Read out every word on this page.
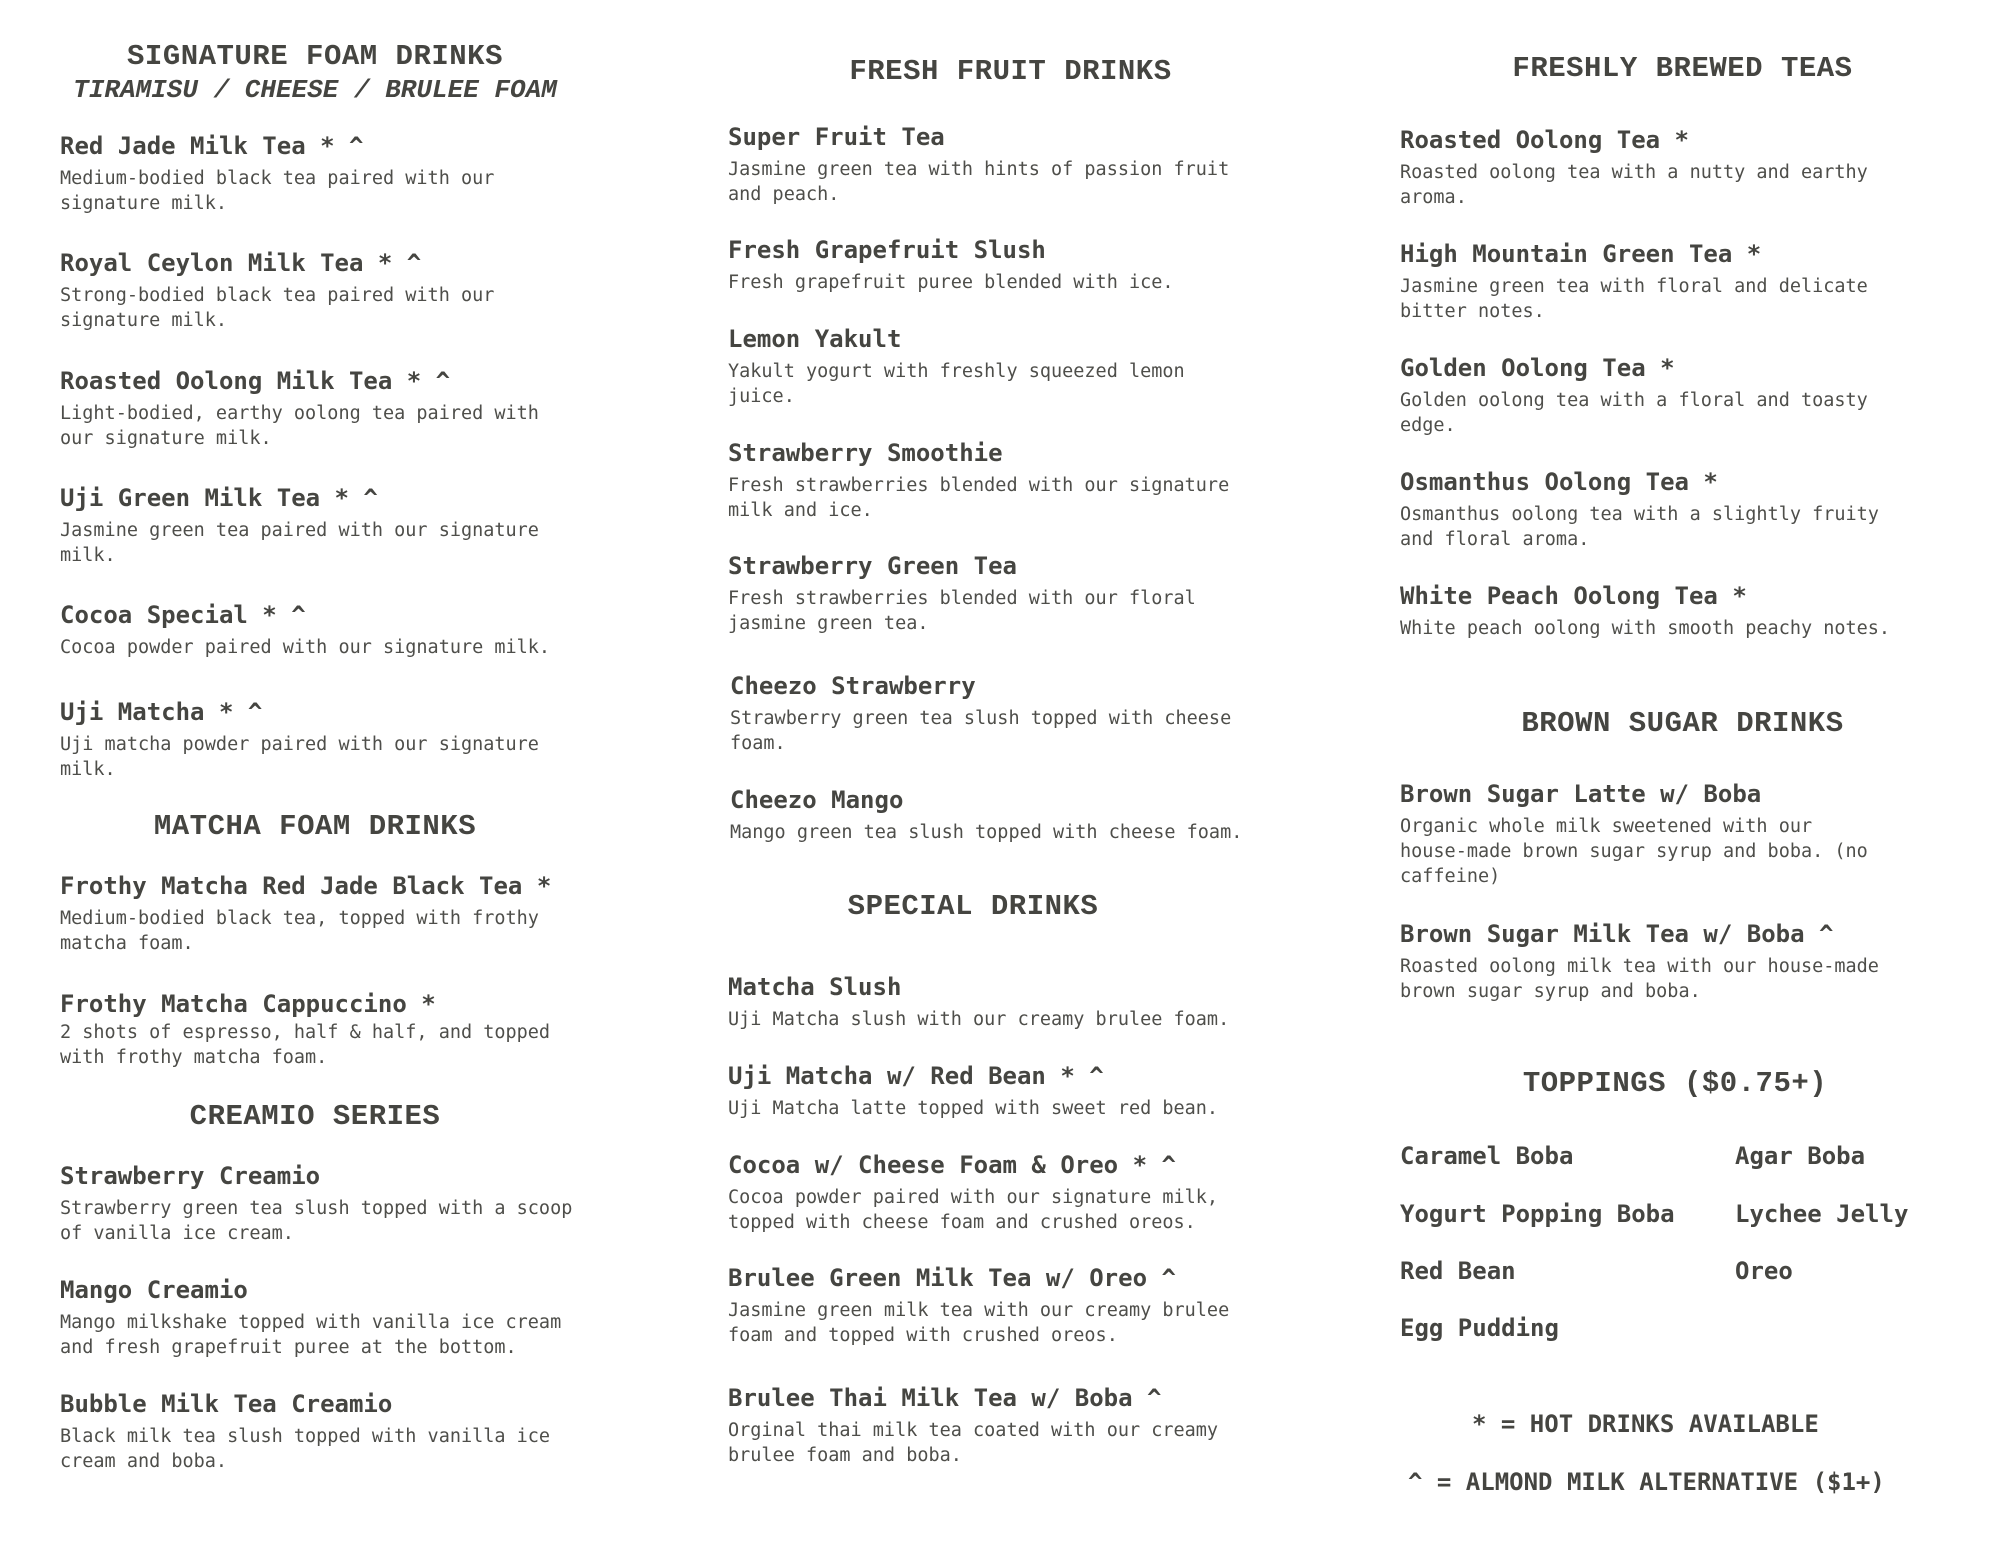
SIGNATURE FOAM DRINKS
TIRAMISU / CHEESE / BRULEE FOAM
Red Jade Milk Tea * ^
Medium-bodied black tea paired with our
signature milk.
Royal Ceylon Milk Tea * ^
Strong-bodied black tea paired with our
signature milk.
Roasted Oolong Milk Tea * ^
Light-bodied, earthy oolong tea paired with
our signature milk.
Uji Green Milk Tea * ^
Jasmine green tea paired with our signature
milk.
Cocoa Special * ^
Cocoa powder paired with our signature milk.
Uji Matcha * ^
Uji matcha powder paired with our signature
milk.
MATCHA FOAM DRINKS
Frothy Matcha Red Jade Black Tea *
Medium-bodied black tea, topped with frothy
matcha foam.
Frothy Matcha Cappuccino *
2 shots of espresso, half & half, and topped
with frothy matcha foam.
CREAMIO SERIES
Strawberry Creamio
Strawberry green tea slush topped with a scoop
of vanilla ice cream.
Mango Creamio
Mango milkshake topped with vanilla ice cream
and fresh grapefruit puree at the bottom.
Bubble Milk Tea Creamio
Black milk tea slush topped with vanilla ice
cream and boba.
FRESH FRUIT DRINKS
Super Fruit Tea
Jasmine green tea with hints of passion fruit
and peach.
Fresh Grapefruit Slush
Fresh grapefruit puree blended with ice.
Lemon Yakult
Yakult yogurt with freshly squeezed lemon
juice.
Strawberry Smoothie
Fresh strawberries blended with our signature
milk and ice.
Strawberry Green Tea
Fresh strawberries blended with our floral
jasmine green tea.
Cheezo Strawberry
Strawberry green tea slush topped with cheese
foam.
Cheezo Mango
Mango green tea slush topped with cheese foam.
SPECIAL DRINKS
Matcha Slush
Uji Matcha slush with our creamy brulee foam.
Uji Matcha w/ Red Bean * ^
Uji Matcha latte topped with sweet red bean.
Cocoa w/ Cheese Foam & Oreo * ^
Cocoa powder paired with our signature milk,
topped with cheese foam and crushed oreos.
Brulee Green Milk Tea w/ Oreo ^
Jasmine green milk tea with our creamy brulee
foam and topped with crushed oreos.
Brulee Thai Milk Tea w/ Boba ^
Orginal thai milk tea coated with our creamy
brulee foam and boba.
FRESHLY BREWED TEAS
Roasted Oolong Tea *
Roasted oolong tea with a nutty and earthy
aroma.
High Mountain Green Tea *
Jasmine green tea with floral and delicate
bitter notes.
Golden Oolong Tea *
Golden oolong tea with a floral and toasty
edge.
Osmanthus Oolong Tea *
Osmanthus oolong tea with a slightly fruity
and floral aroma.
White Peach Oolong Tea *
White peach oolong with smooth peachy notes.
BROWN SUGAR DRINKS
Brown Sugar Latte w/ Boba
Organic whole milk sweetened with our
house-made brown sugar syrup and boba. (no
caffeine)
Brown Sugar Milk Tea w/ Boba ^
Roasted oolong milk tea with our house-made
brown sugar syrup and boba.
TOPPINGS ($0.75+)
Caramel Boba	Agar Boba
Yogurt Popping Boba	Lychee Jelly
Red Bean	Oreo
Egg Pudding
* = HOT DRINKS AVAILABLE
^ = ALMOND MILK ALTERNATIVE ($1+)
